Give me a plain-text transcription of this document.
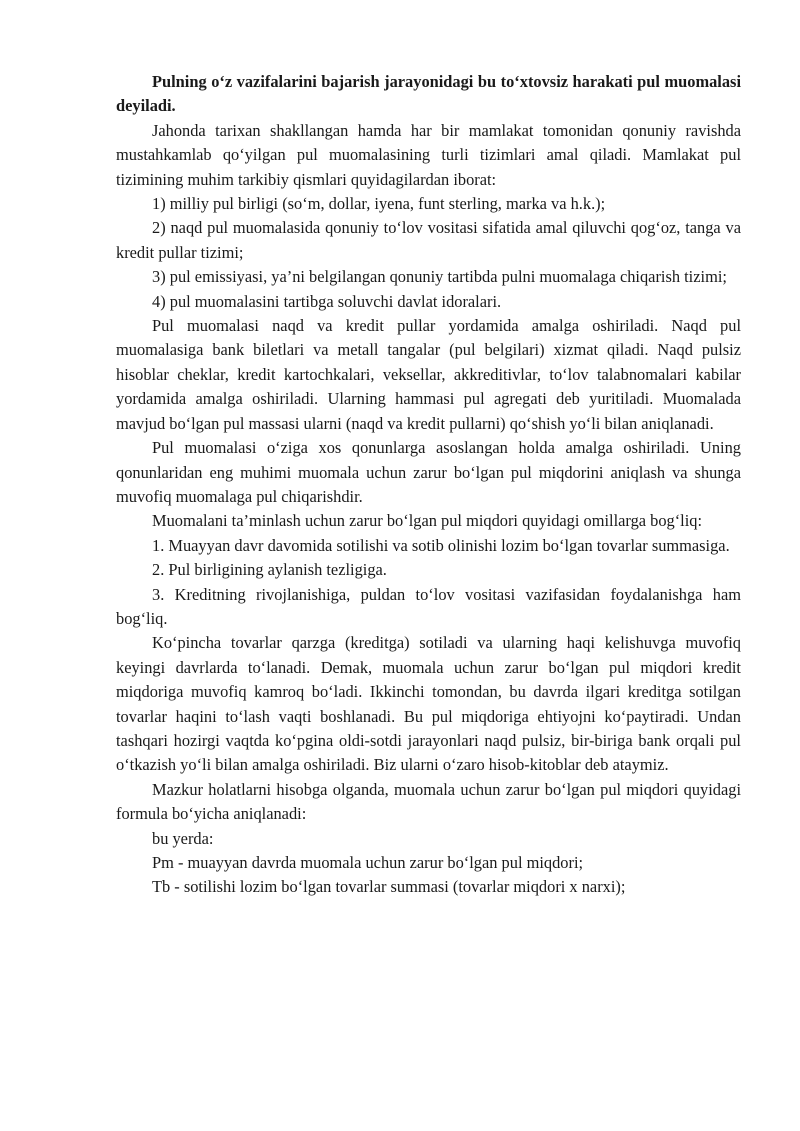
Pulning o‘z vazifalarini bajarish jarayonidagi bu to‘xtovsiz harakati pul muomalasi deyiladi.

Jahonda tarixan shakllangan hamda har bir mamlakat tomonidan qonuniy ravishda mustahkamlab qo‘yilgan pul muomalasining turli tizimlari amal qiladi. Mamlakat pul tizimining muhim tarkibiy qismlari quyidagilardan iborat:

1) milliy pul birligi (so‘m, dollar, iyena, funt sterling, marka va h.k.);

2) naqd pul muomalasida qonuniy to‘lov vositasi sifatida amal qiluvchi qog‘oz, tanga va kredit pullar tizimi;

3) pul emissiyasi, ya’ni belgilangan qonuniy tartibda pulni muomalaga chiqarish tizimi;

4) pul muomalasini tartibga soluvchi davlat idoralari.

Pul muomalasi naqd va kredit pullar yordamida amalga oshiriladi. Naqd pul muomalasiga bank biletlari va metall tangalar (pul belgilari) xizmat qiladi. Naqd pulsiz hisoblar cheklar, kredit kartochkalari, veksellar, akkreditivlar, to‘lov talabnomalari kabilar yordamida amalga oshiriladi. Ularning hammasi pul agregati deb yuritiladi. Muomalada mavjud bo‘lgan pul massasi ularni (naqd va kredit pullarni) qo‘shish yo‘li bilan aniqlanadi.

Pul muomalasi o‘ziga xos qonunlarga asoslangan holda amalga oshiriladi. Uning qonunlaridan eng muhimi muomala uchun zarur bo‘lgan pul miqdorini aniqlash va shunga muvofiq muomalaga pul chiqarishdir.

Muomalani ta’minlash uchun zarur bo‘lgan pul miqdori quyidagi omillarga bog‘liq:

1. Muayyan davr davomida sotilishi va sotib olinishi lozim bo‘lgan tovarlar summasiga.

2. Pul birligining aylanish tezligiga.

3. Kreditning rivojlanishiga, puldan to‘lov vositasi vazifasidan foydalanishga ham bog‘liq.

Ko‘pincha tovarlar qarzga (kreditga) sotiladi va ularning haqi kelishuvga muvofiq keyingi davrlarda to‘lanadi. Demak, muomala uchun zarur bo‘lgan pul miqdori kredit miqdoriga muvofiq kamroq bo‘ladi. Ikkinchi tomondan, bu davrda ilgari kreditga sotilgan tovarlar haqini to‘lash vaqti boshlanadi. Bu pul miqdoriga ehtiyojni ko‘paytiradi. Undan tashqari hozirgi vaqtda ko‘pgina oldi-sotdi jarayonlari naqd pulsiz, bir-biriga bank orqali pul o‘tkazish yo‘li bilan amalga oshiriladi. Biz ularni o‘zaro hisob-kitoblar deb ataymiz.

Mazkur holatlarni hisobga olganda, muomala uchun zarur bo‘lgan pul miqdori quyidagi formula bo‘yicha aniqlanadi:

bu yerda:

Pm - muayyan davrda muomala uchun zarur bo‘lgan pul miqdori;

Tb - sotilishi lozim bo‘lgan tovarlar summasi (tovarlar miqdori x narxi);
